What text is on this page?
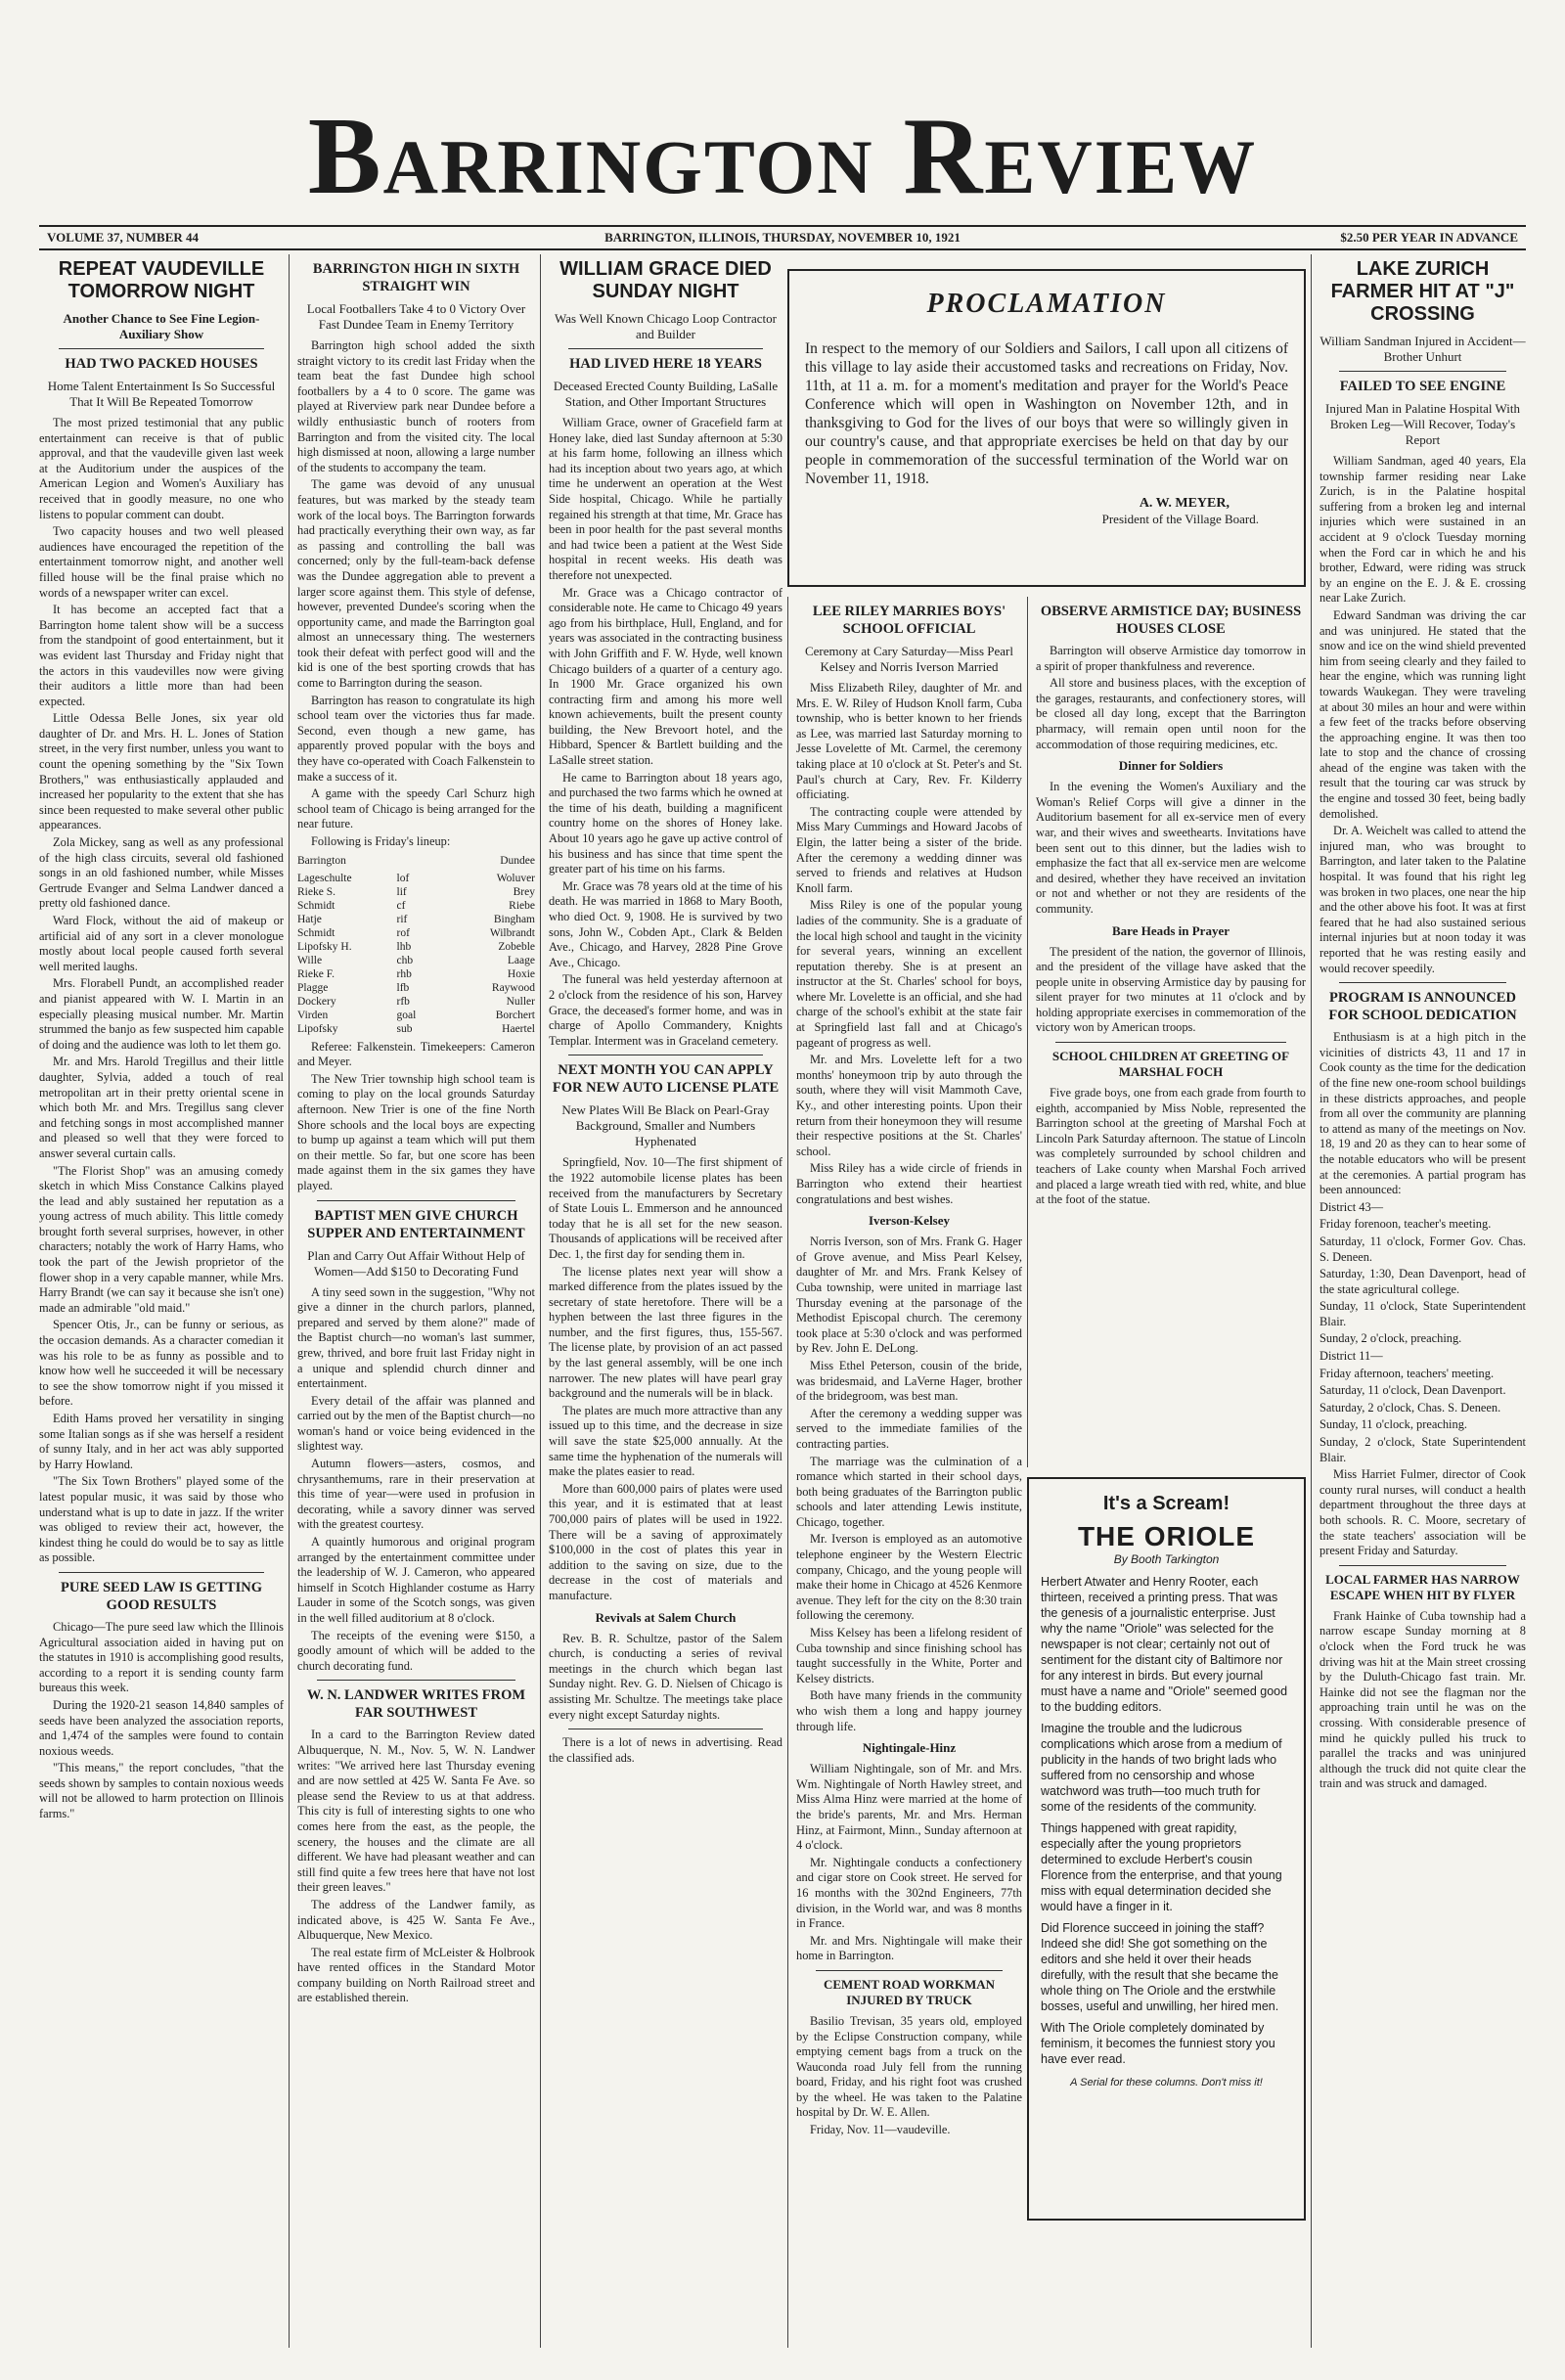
Barrington Review
VOLUME 37, NUMBER 44	BARRINGTON, ILLINOIS, THURSDAY, NOVEMBER 10, 1921	$2.50 PER YEAR IN ADVANCE
REPEAT VAUDEVILLE TOMORROW NIGHT
Another Chance to See Fine Legion-Auxiliary Show
HAD TWO PACKED HOUSES
Home Talent Entertainment Is So Successful That It Will Be Repeated Tomorrow
The most prized testimonial that any public entertainment can receive is that of public approval, and that the vaudeville given last week at the Auditorium under the auspices of the American Legion and Women's Auxiliary has received that in goodly measure, no one who listens to popular comment can doubt.
Two capacity houses and two well pleased audiences have encouraged the repetition of the entertainment tomorrow night, and another well filled house will be the final praise which no words of a newspaper writer can excel.
It has become an accepted fact that a Barrington home talent show will be a success from the standpoint of good entertainment, but it was evident last Thursday and Friday night that the actors in this vaudevilles now were giving their auditors a little more than had been expected.
Little Odessa Belle Jones, six year old daughter of Dr. and Mrs. H. L. Jones of Station street, in the very first number, unless you want to count the opening something by the "Six Town Brothers," was enthusiastically applauded and increased her popularity to the extent that she has since been requested to make several other public appearances.
Zola Mickey, sang as well as any professional of the high class circuits, several old fashioned songs in an old fashioned number, while Misses Gertrude Evanger and Selma Landwer danced a pretty old fashioned dance.
Ward Flock, without the aid of makeup or artificial aid of any sort in a clever monologue mostly about local people caused forth several well merited laughs.
Mrs. Florabell Pundt, an accomplished reader and pianist appeared with W. I. Martin in an especially pleasing musical number. Mr. Martin strummed the banjo as few suspected him capable of doing and the audience was loth to let them go.
Mr. and Mrs. Harold Tregillus and their little daughter, Sylvia, added a touch of real metropolitan art in their pretty oriental scene in which both Mr. and Mrs. Tregillus sang clever and fetching songs in most accomplished manner and pleased so well that they were forced to answer several curtain calls.
"The Florist Shop" was an amusing comedy sketch in which Miss Constance Calkins played the lead and ably sustained her reputation as a young actress of much ability. This little comedy brought forth several surprises, however, in other characters; notably the work of Harry Hams, who took the part of the Jewish proprietor of the flower shop in a very capable manner, while Mrs. Harry Brandt (we can say it because she isn't one) made an admirable "old maid."
Spencer Otis, Jr., can be funny or serious, as the occasion demands. As a character comedian it was his role to be as funny as possible and to know how well he succeeded it will be necessary to see the show tomorrow night if you missed it before.
Edith Hams proved her versatility in singing some Italian songs as if she was herself a resident of sunny Italy, and in her act was ably supported by Harry Howland.
"The Six Town Brothers" played some of the latest popular music, it was said by those who understand what is up to date in jazz. If the writer was obliged to review their act, however, the kindest thing he could do would be to say as little as possible.
PURE SEED LAW IS GETTING GOOD RESULTS
Chicago—The pure seed law which the Illinois Agricultural association aided in having put on the statutes in 1910 is accomplishing good results, according to a report it is sending county farm bureaus this week.
During the 1920-21 season 14,840 samples of seeds have been analyzed the association reports, and 1,474 of the samples were found to contain noxious weeds.
"This means," the report concludes, "that the seeds shown by samples to contain noxious weeds will not be allowed to harm protection on Illinois farms."
BARRINGTON HIGH IN SIXTH STRAIGHT WIN
Local Footballers Take 4 to 0 Victory Over Fast Dundee Team in Enemy Territory
Barrington high school added the sixth straight victory to its credit last Friday when the team beat the fast Dundee high school footballers by a 4 to 0 score. The game was played at Riverview park near Dundee before a wildly enthusiastic bunch of rooters from Barrington and from the visited city. The local high dismissed at noon, allowing a large number of the students to accompany the team.
The game was devoid of any unusual features, but was marked by the steady team work of the local boys. The Barrington forwards had practically everything their own way, as far as passing and controlling the ball was concerned; only by the full-team-back defense was the Dundee aggregation able to prevent a larger score against them. This style of defense, however, prevented Dundee's scoring when the opportunity came, and made the Barrington goal almost an unnecessary thing. The westerners took their defeat with perfect good will and the kid is one of the best sporting crowds that has come to Barrington during the season.
Barrington has reason to congratulate its high school team over the victories thus far made. Second, even though a new game, has apparently proved popular with the boys and they have co-operated with Coach Falkenstein to make a success of it.
A game with the speedy Carl Schurz high school team of Chicago is being arranged for the near future.
Following is Friday's lineup:
Barrington	Dundee
Lageschulte	lof	Woluver
Rieke S.	lif	Brey
Schmidt	cf	Riebe
Hatje	rif	Bingham
Schmidt	rof	Wilbrandt
Lipofsky H.	lhb	Zobeble
Wille	chb	Laage
Rieke F.	rhb	Hoxie
Plagge	lfb	Raywood
Dockery	rfb	Nuller
Virden	goal	Borchert
Lipofsky	sub	Haertel
Referee: Falkenstein. Timekeepers: Cameron and Meyer.
The New Trier township high school team is coming to play on the local grounds Saturday afternoon. New Trier is one of the fine North Shore schools and the local boys are expecting to bump up against a team which will put them on their mettle. So far, but one score has been made against them in the six games they have played.
BAPTIST MEN GIVE CHURCH SUPPER AND ENTERTAINMENT
Plan and Carry Out Affair Without Help of Women—Add $150 to Decorating Fund
A tiny seed sown in the suggestion, "Why not give a dinner in the church parlors, planned, prepared and served by them alone?" made of the Baptist church—no woman's last summer, grew, thrived, and bore fruit last Friday night in a unique and splendid church dinner and entertainment.
Every detail of the affair was planned and carried out by the men of the Baptist church—no woman's hand or voice being evidenced in the slightest way.
Autumn flowers—asters, cosmos, and chrysanthemums, rare in their preservation at this time of year—were used in profusion in decorating, while a savory dinner was served with the greatest courtesy.
A quaintly humorous and original program arranged by the entertainment committee under the leadership of W. J. Cameron, who appeared himself in Scotch Highlander costume as Harry Lauder in some of the Scotch songs, was given in the well filled auditorium at 8 o'clock.
The receipts of the evening were $150, a goodly amount of which will be added to the church decorating fund.
W. N. LANDWER WRITES FROM FAR SOUTHWEST
In a card to the Barrington Review dated Albuquerque, N. M., Nov. 5, W. N. Landwer writes: "We arrived here last Thursday evening and are now settled at 425 W. Santa Fe Ave. so please send the Review to us at that address. This city is full of interesting sights to one who comes here from the east, as the people, the scenery, the houses and the climate are all different. We have had pleasant weather and can still find quite a few trees here that have not lost their green leaves."
The address of the Landwer family, as indicated above, is 425 W. Santa Fe Ave., Albuquerque, New Mexico.
The real estate firm of McLeister & Holbrook have rented offices in the Standard Motor company building on North Railroad street and are established therein.
WILLIAM GRACE DIED SUNDAY NIGHT
Was Well Known Chicago Loop Contractor and Builder
HAD LIVED HERE 18 YEARS
Deceased Erected County Building, LaSalle Station, and Other Important Structures
William Grace, owner of Gracefield farm at Honey lake, died last Sunday afternoon at 5:30 at his farm home, following an illness which had its inception about two years ago, at which time he underwent an operation at the West Side hospital, Chicago. While he partially regained his strength at that time, Mr. Grace has been in poor health for the past several months and had twice been a patient at the West Side hospital in recent weeks. His death was therefore not unexpected.
Mr. Grace was a Chicago contractor of considerable note. He came to Chicago 49 years ago from his birthplace, Hull, England, and for years was associated in the contracting business with John Griffith and F. W. Hyde, well known Chicago builders of a quarter of a century ago. In 1900 Mr. Grace organized his own contracting firm and among his more well known achievements, built the present county building, the New Brevoort hotel, and the Hibbard, Spencer & Bartlett building and the LaSalle street station.
He came to Barrington about 18 years ago, and purchased the two farms which he owned at the time of his death, building a magnificent country home on the shores of Honey lake. About 10 years ago he gave up active control of his business and has since that time spent the greater part of his time on his farms.
Mr. Grace was 78 years old at the time of his death. He was married in 1868 to Mary Booth, who died Oct. 9, 1908. He is survived by two sons, John W., Cobden Apt., Clark & Belden Ave., Chicago, and Harvey, 2828 Pine Grove Ave., Chicago.
The funeral was held yesterday afternoon at 2 o'clock from the residence of his son, Harvey Grace, the deceased's former home, and was in charge of Apollo Commandery, Knights Templar. Interment was in Graceland cemetery.
NEXT MONTH YOU CAN APPLY FOR NEW AUTO LICENSE PLATE
New Plates Will Be Black on Pearl-Gray Background, Smaller and Numbers Hyphenated
Springfield, Nov. 10—The first shipment of the 1922 automobile license plates has been received from the manufacturers by Secretary of State Louis L. Emmerson and he announced today that he is all set for the new season. Thousands of applications will be received after Dec. 1, the first day for sending them in.
The license plates next year will show a marked difference from the plates issued by the secretary of state heretofore. There will be a hyphen between the last three figures in the number, and the first figures, thus, 155-567. The license plate, by provision of an act passed by the last general assembly, will be one inch narrower. The new plates will have pearl gray background and the numerals will be in black.
The plates are much more attractive than any issued up to this time, and the decrease in size will save the state $25,000 annually. At the same time the hyphenation of the numerals will make the plates easier to read.
More than 600,000 pairs of plates were used this year, and it is estimated that at least 700,000 pairs of plates will be used in 1922. There will be a saving of approximately $100,000 in the cost of plates this year in addition to the saving on size, due to the decrease in the cost of materials and manufacture.
Revivals at Salem Church
Rev. B. R. Schultze, pastor of the Salem church, is conducting a series of revival meetings in the church which began last Sunday night. Rev. G. D. Nielsen of Chicago is assisting Mr. Schultze. The meetings take place every night except Saturday nights.
There is a lot of news in advertising. Read the classified ads.
PROCLAMATION
In respect to the memory of our Soldiers and Sailors, I call upon all citizens of this village to lay aside their accustomed tasks and recreations on Friday, Nov. 11th, at 11 a. m. for a moment's meditation and prayer for the World's Peace Conference which will open in Washington on November 12th, and in thanksgiving to God for the lives of our boys that were so willingly given in our country's cause, and that appropriate exercises be held on that day by our people in commemoration of the successful termination of the World war on November 11, 1918.
A. W. MEYER,
President of the Village Board.
LEE RILEY MARRIES BOYS' SCHOOL OFFICIAL
Ceremony at Cary Saturday—Miss Pearl Kelsey and Norris Iverson Married
Miss Elizabeth Riley, daughter of Mr. and Mrs. E. W. Riley of Hudson Knoll farm, Cuba township, who is better known to her friends as Lee, was married last Saturday morning to Jesse Lovelette of Mt. Carmel, the ceremony taking place at 10 o'clock at St. Peter's and St. Paul's church at Cary, Rev. Fr. Kilderry officiating.
The contracting couple were attended by Miss Mary Cummings and Howard Jacobs of Elgin, the latter being a sister of the bride. After the ceremony a wedding dinner was served to friends and relatives at Hudson Knoll farm.
Miss Riley is one of the popular young ladies of the community. She is a graduate of the local high school and taught in the vicinity for several years, winning an excellent reputation thereby. She is at present an instructor at the St. Charles' school for boys, where Mr. Lovelette is an official, and she had charge of the school's exhibit at the state fair at Springfield last fall and at Chicago's pageant of progress as well.
Mr. and Mrs. Lovelette left for a two months' honeymoon trip by auto through the south, where they will visit Mammoth Cave, Ky., and other interesting points. Upon their return from their honeymoon they will resume their respective positions at the St. Charles' school.
Miss Riley has a wide circle of friends in Barrington who extend their heartiest congratulations and best wishes.
Iverson-Kelsey
Norris Iverson, son of Mrs. Frank G. Hager of Grove avenue, and Miss Pearl Kelsey, daughter of Mr. and Mrs. Frank Kelsey of Cuba township, were united in marriage last Thursday evening at the parsonage of the Methodist Episcopal church. The ceremony took place at 5:30 o'clock and was performed by Rev. John E. DeLong.
Miss Ethel Peterson, cousin of the bride, was bridesmaid, and LaVerne Hager, brother of the bridegroom, was best man.
After the ceremony a wedding supper was served to the immediate families of the contracting parties.
The marriage was the culmination of a romance which started in their school days, both being graduates of the Barrington public schools and later attending Lewis institute, Chicago, together.
Mr. Iverson is employed as an automotive telephone engineer by the Western Electric company, Chicago, and the young people will make their home in Chicago at 4526 Kenmore avenue. They left for the city on the 8:30 train following the ceremony.
Miss Kelsey has been a lifelong resident of Cuba township and since finishing school has taught successfully in the White, Porter and Kelsey districts.
Both have many friends in the community who wish them a long and happy journey through life.
Nightingale-Hinz
William Nightingale, son of Mr. and Mrs. Wm. Nightingale of North Hawley street, and Miss Alma Hinz were married at the home of the bride's parents, Mr. and Mrs. Herman Hinz, at Fairmont, Minn., Sunday afternoon at 4 o'clock.
Mr. Nightingale conducts a confectionery and cigar store on Cook street. He served for 16 months with the 302nd Engineers, 77th division, in the World war, and was 8 months in France.
Mr. and Mrs. Nightingale will make their home in Barrington.
CEMENT ROAD WORKMAN INJURED BY TRUCK
Basilio Trevisan, 35 years old, employed by the Eclipse Construction company, while emptying cement bags from a truck on the Wauconda road July fell from the running board, Friday, and his right foot was crushed by the wheel. He was taken to the Palatine hospital by Dr. W. E. Allen.
Friday, Nov. 11—vaudeville.
OBSERVE ARMISTICE DAY; BUSINESS HOUSES CLOSE
Barrington will observe Armistice day tomorrow in a spirit of proper thankfulness and reverence.
All store and business places, with the exception of the garages, restaurants, and confectionery stores, will be closed all day long, except that the Barrington pharmacy, will remain open until noon for the accommodation of those requiring medicines, etc.
Dinner for Soldiers
In the evening the Women's Auxiliary and the Woman's Relief Corps will give a dinner in the Auditorium basement for all ex-service men of every war, and their wives and sweethearts. Invitations have been sent out to this dinner, but the ladies wish to emphasize the fact that all ex-service men are welcome and desired, whether they have received an invitation or not and whether or not they are residents of the community.
Bare Heads in Prayer
The president of the nation, the governor of Illinois, and the president of the village have asked that the people unite in observing Armistice day by pausing for silent prayer for two minutes at 11 o'clock and by holding appropriate exercises in commemoration of the victory won by American troops.
SCHOOL CHILDREN AT GREETING OF MARSHAL FOCH
Five grade boys, one from each grade from fourth to eighth, accompanied by Miss Noble, represented the Barrington school at the greeting of Marshal Foch at Lincoln Park Saturday afternoon. The statue of Lincoln was completely surrounded by school children and teachers of Lake county when Marshal Foch arrived and placed a large wreath tied with red, white, and blue at the foot of the statue.
It's a Scream!
THE ORIOLE
By Booth Tarkington
Herbert Atwater and Henry Rooter, each thirteen, received a printing press. That was the genesis of a journalistic enterprise. Just why the name "Oriole" was selected for the newspaper is not clear; certainly not out of sentiment for the distant city of Baltimore nor for any interest in birds. But every journal must have a name and "Oriole" seemed good to the budding editors.
Imagine the trouble and the ludicrous complications which arose from a medium of publicity in the hands of two bright lads who suffered from no censorship and whose watchword was truth—too much truth for some of the residents of the community.
Things happened with great rapidity, especially after the young proprietors determined to exclude Herbert's cousin Florence from the enterprise, and that young miss with equal determination decided she would have a finger in it.
Did Florence succeed in joining the staff? Indeed she did! She got something on the editors and she held it over their heads direfully, with the result that she became the whole thing on The Oriole and the erstwhile bosses, useful and unwilling, her hired men.
With The Oriole completely dominated by feminism, it becomes the funniest story you have ever read.
A Serial for these columns. Don't miss it!
LAKE ZURICH FARMER HIT AT "J" CROSSING
William Sandman Injured in Accident—Brother Unhurt
FAILED TO SEE ENGINE
Injured Man in Palatine Hospital With Broken Leg—Will Recover, Today's Report
William Sandman, aged 40 years, Ela township farmer residing near Lake Zurich, is in the Palatine hospital suffering from a broken leg and internal injuries which were sustained in an accident at 9 o'clock Tuesday morning when the Ford car in which he and his brother, Edward, were riding was struck by an engine on the E. J. & E. crossing near Lake Zurich.
Edward Sandman was driving the car and was uninjured. He stated that the snow and ice on the wind shield prevented him from seeing clearly and they failed to hear the engine, which was running light towards Waukegan. They were traveling at about 30 miles an hour and were within a few feet of the tracks before observing the approaching engine. It was then too late to stop and the chance of crossing ahead of the engine was taken with the result that the touring car was struck by the engine and tossed 30 feet, being badly demolished.
Dr. A. Weichelt was called to attend the injured man, who was brought to Barrington, and later taken to the Palatine hospital. It was found that his right leg was broken in two places, one near the hip and the other above his foot. It was at first feared that he had also sustained serious internal injuries but at noon today it was reported that he was resting easily and would recover speedily.
PROGRAM IS ANNOUNCED FOR SCHOOL DEDICATION
Enthusiasm is at a high pitch in the vicinities of districts 43, 11 and 17 in Cook county as the time for the dedication of the fine new one-room school buildings in these districts approaches, and people from all over the community are planning to attend as many of the meetings on Nov. 18, 19 and 20 as they can to hear some of the notable educators who will be present at the ceremonies. A partial program has been announced:
District 43—
Friday forenoon, teacher's meeting.
Saturday, 11 o'clock, Former Gov. Chas. S. Deneen.
Saturday, 1:30, Dean Davenport, head of the state agricultural college.
Sunday, 11 o'clock, State Superintendent Blair.
Sunday, 2 o'clock, preaching.
District 11—
Friday afternoon, teachers' meeting.
Saturday, 11 o'clock, Dean Davenport.
Saturday, 2 o'clock, Chas. S. Deneen.
Sunday, 11 o'clock, preaching.
Sunday, 2 o'clock, State Superintendent Blair.
Miss Harriet Fulmer, director of Cook county rural nurses, will conduct a health department throughout the three days at both schools. R. C. Moore, secretary of the state teachers' association will be present Friday and Saturday.
LOCAL FARMER HAS NARROW ESCAPE WHEN HIT BY FLYER
Frank Hainke of Cuba township had a narrow escape Sunday morning at 8 o'clock when the Ford truck he was driving was hit at the Main street crossing by the Duluth-Chicago fast train. Mr. Hainke did not see the flagman nor the approaching train until he was on the crossing. With considerable presence of mind he quickly pulled his truck to parallel the tracks and was uninjured although the truck did not quite clear the train and was struck and damaged.
